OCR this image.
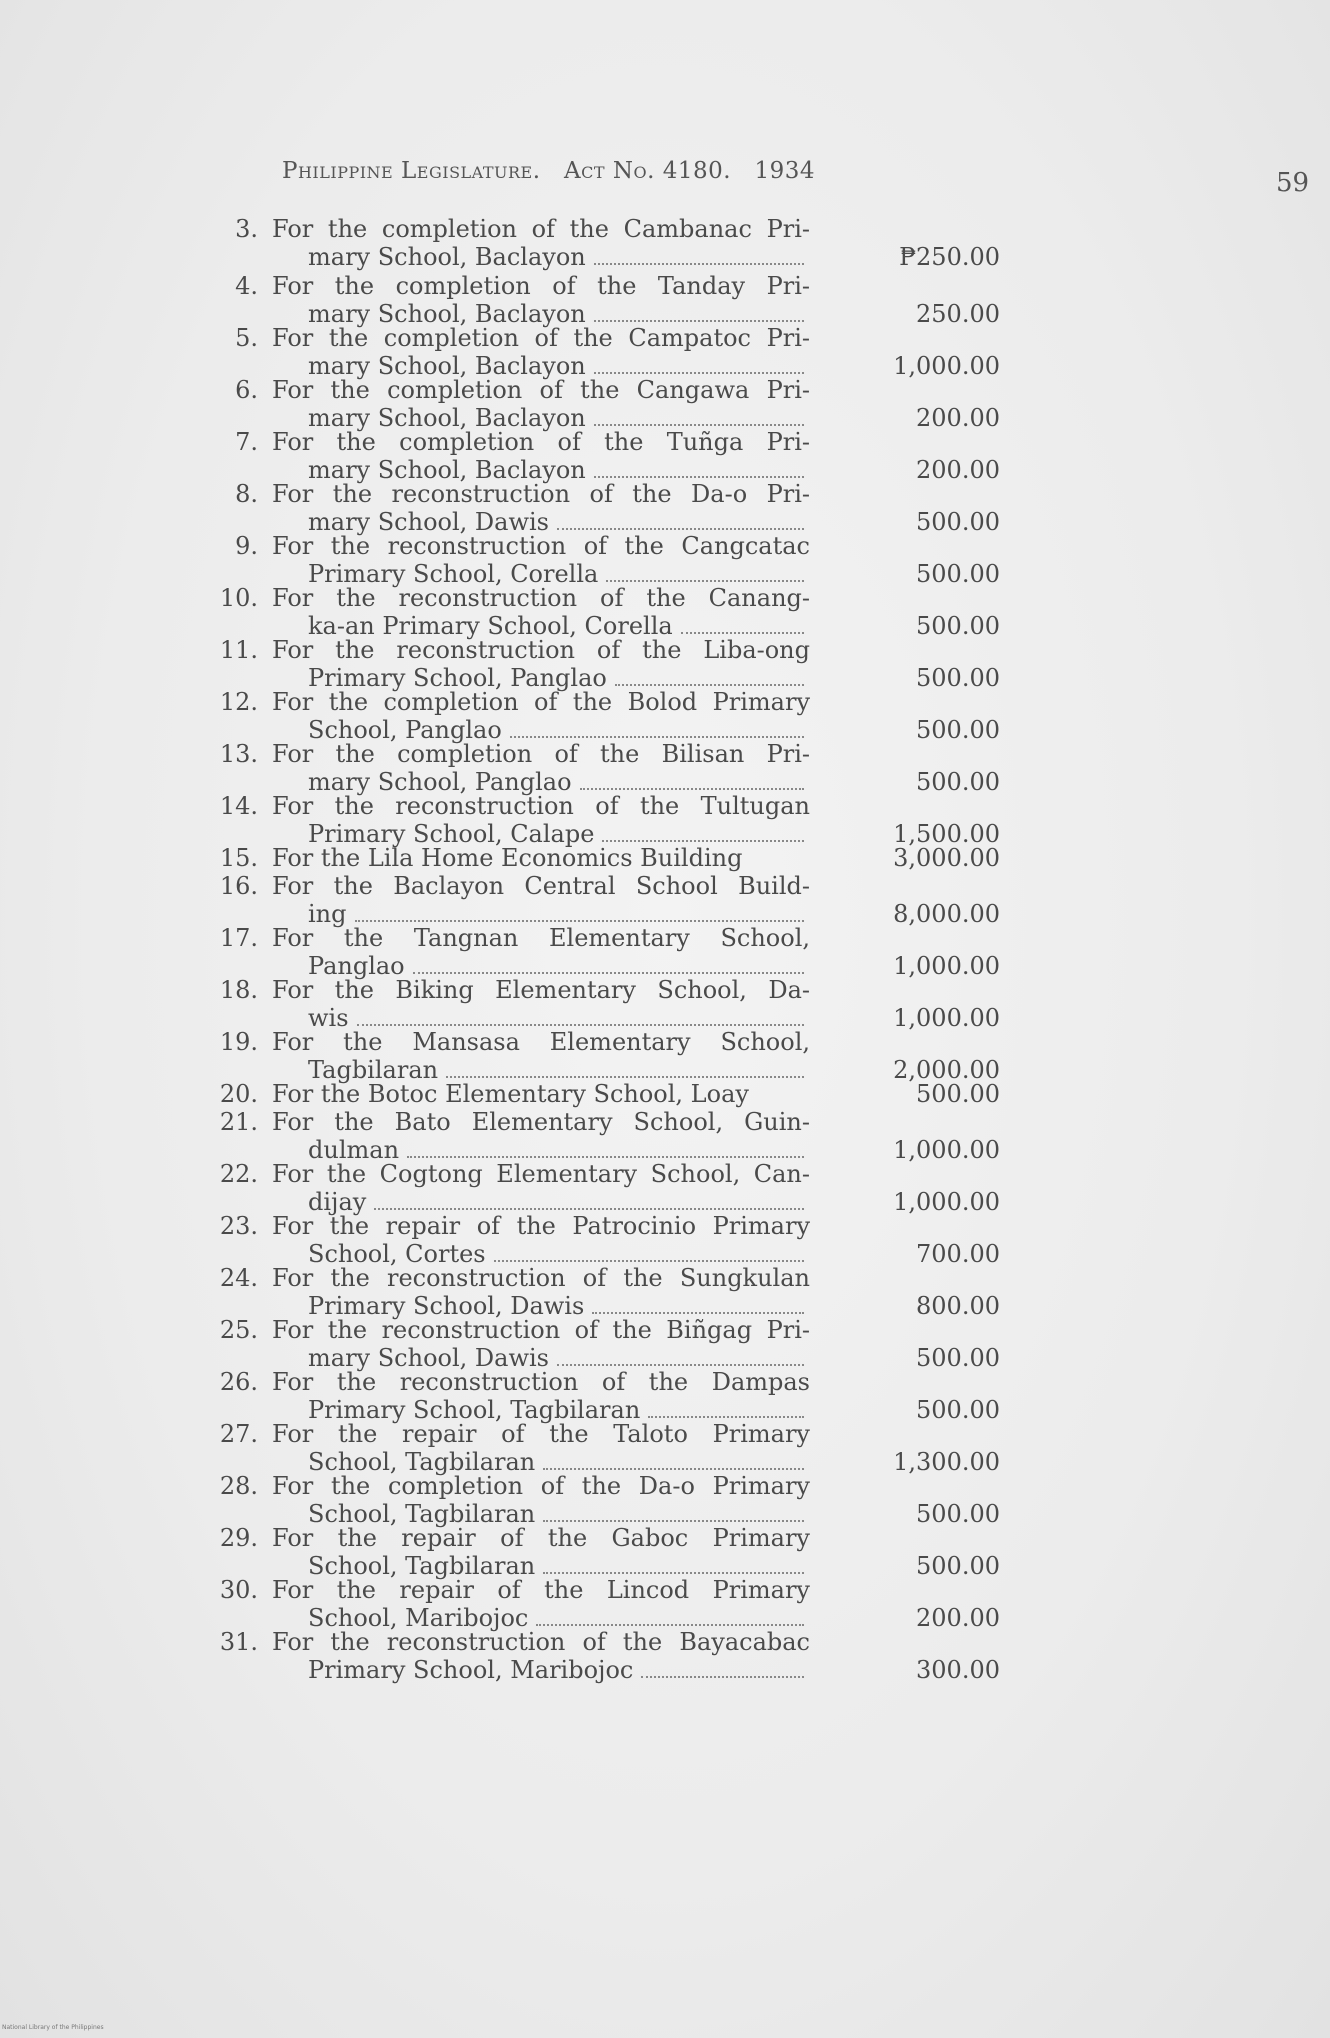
Philippine Legislature. Act No. 4180. 1934	59
3. For the completion of the Cambanac Pri-
mary School, Baclayon	₱250.00
4. For the completion of the Tanday Pri-
mary School, Baclayon	250.00
5. For the completion of the Campatoc Pri-
mary School, Baclayon	1,000.00
6. For the completion of the Cangawa Pri-
mary School, Baclayon	200.00
7. For the completion of the Tuñga Pri-
mary School, Baclayon	200.00
8. For the reconstruction of the Da-o Pri-
mary School, Dawis	500.00
9. For the reconstruction of the Cangcatac
Primary School, Corella	500.00
10. For the reconstruction of the Canang-
ka-an Primary School, Corella	500.00
11. For the reconstruction of the Liba-ong
Primary School, Panglao	500.00
12. For the completion of the Bolod Primary
School, Panglao	500.00
13. For the completion of the Bilisan Pri-
mary School, Panglao	500.00
14. For the reconstruction of the Tultugan
Primary School, Calape	1,500.00
15. For the Lila Home Economics Building	3,000.00
16. For the Baclayon Central School Build-
ing	8,000.00
17. For the Tangnan Elementary School,
Panglao	1,000.00
18. For the Biking Elementary School, Da-
wis	1,000.00
19. For the Mansasa Elementary School,
Tagbilaran	2,000.00
20. For the Botoc Elementary School, Loay	500.00
21. For the Bato Elementary School, Guin-
dulman	1,000.00
22. For the Cogtong Elementary School, Can-
dijay	1,000.00
23. For the repair of the Patrocinio Primary
School, Cortes	700.00
24. For the reconstruction of the Sungkulan
Primary School, Dawis	800.00
25. For the reconstruction of the Biñgag Pri-
mary School, Dawis	500.00
26. For the reconstruction of the Dampas
Primary School, Tagbilaran	500.00
27. For the repair of the Taloto Primary
School, Tagbilaran	1,300.00
28. For the completion of the Da-o Primary
School, Tagbilaran	500.00
29. For the repair of the Gaboc Primary
School, Tagbilaran	500.00
30. For the repair of the Lincod Primary
School, Maribojoc	200.00
31. For the reconstruction of the Bayacabac
Primary School, Maribojoc	300.00
National Library of the Philippines
